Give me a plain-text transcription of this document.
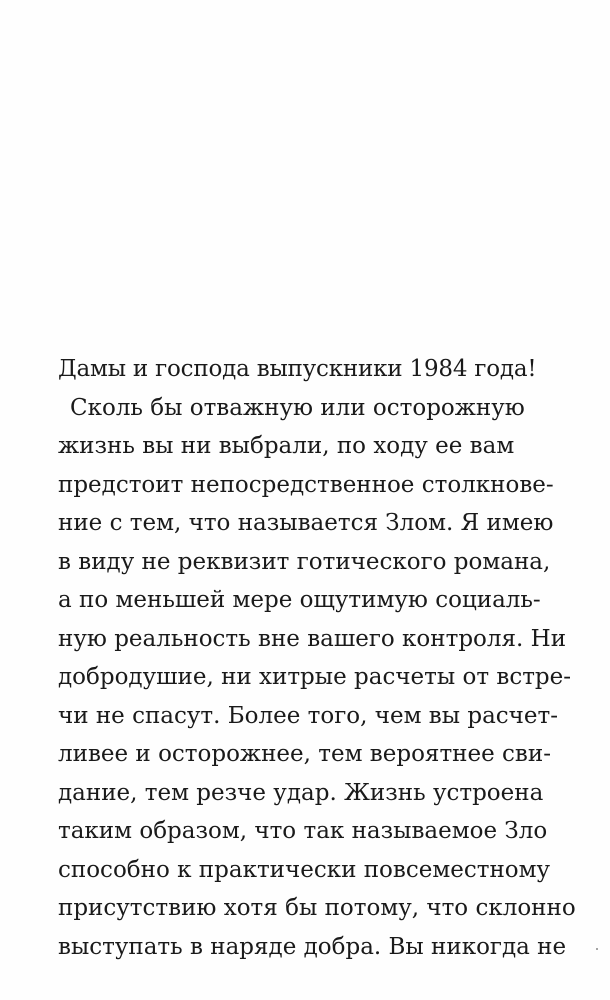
Дамы и господа выпускники 1984 года!
Сколь бы отважную или осторожную
жизнь вы ни выбрали, по ходу ее вам
предстоит непосредственное столкнове-
ние с тем, что называется Злом. Я имею
в виду не реквизит готического романа,
а по меньшей мере ощутимую социаль-
ную реальность вне вашего контроля. Ни
добродушие, ни хитрые расчеты от встре-
чи не спасут. Более того, чем вы расчет-
ливее и осторожнее, тем вероятнее сви-
дание, тем резче удар. Жизнь устроена
таким образом, что так называемое Зло
способно к практически повсеместному
присутствию хотя бы потому, что склонно
выступать в наряде добра. Вы никогда не
